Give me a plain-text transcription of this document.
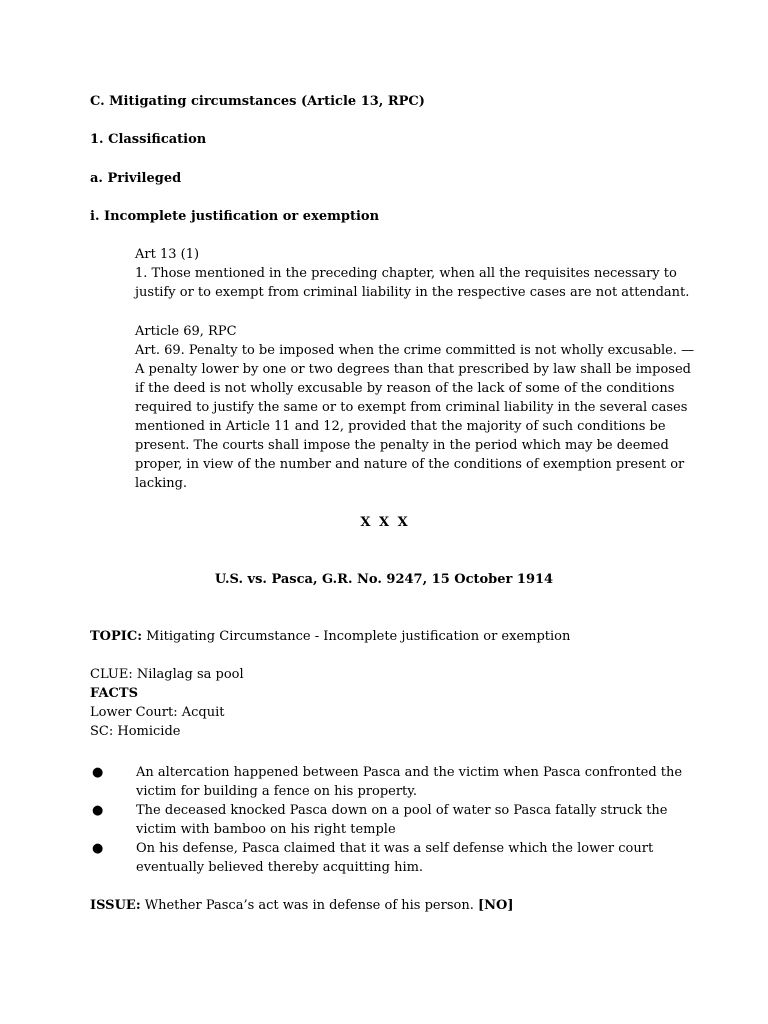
C. Mitigating circumstances (Article 13, RPC)
1. Classification
a. Privileged
i. Incomplete justification or exemption
Art 13 (1)
1. Those mentioned in the preceding chapter, when all the requisites necessary to justify or to exempt from criminal liability in the respective cases are not attendant.
Article 69, RPC
Art. 69. Penalty to be imposed when the crime committed is not wholly excusable. — A penalty lower by one or two degrees than that prescribed by law shall be imposed if the deed is not wholly excusable by reason of the lack of some of the conditions required to justify the same or to exempt from criminal liability in the several cases mentioned in Article 11 and 12, provided that the majority of such conditions be present. The courts shall impose the penalty in the period which may be deemed proper, in view of the number and nature of the conditions of exemption present or lacking.
X X X
U.S. vs. Pasca, G.R. No. 9247, 15 October 1914
TOPIC: Mitigating Circumstance - Incomplete justification or exemption
CLUE: Nilaglag sa pool
FACTS
Lower Court: Acquit
SC: Homicide
●	An altercation happened between Pasca and the victim when Pasca confronted the victim for building a fence on his property.
●	The deceased knocked Pasca down on a pool of water so Pasca fatally struck the victim with bamboo on his right temple
●	On his defense, Pasca claimed that it was a self defense which the lower court eventually believed thereby acquitting him.
ISSUE: Whether Pasca’s act was in defense of his person. [NO]
